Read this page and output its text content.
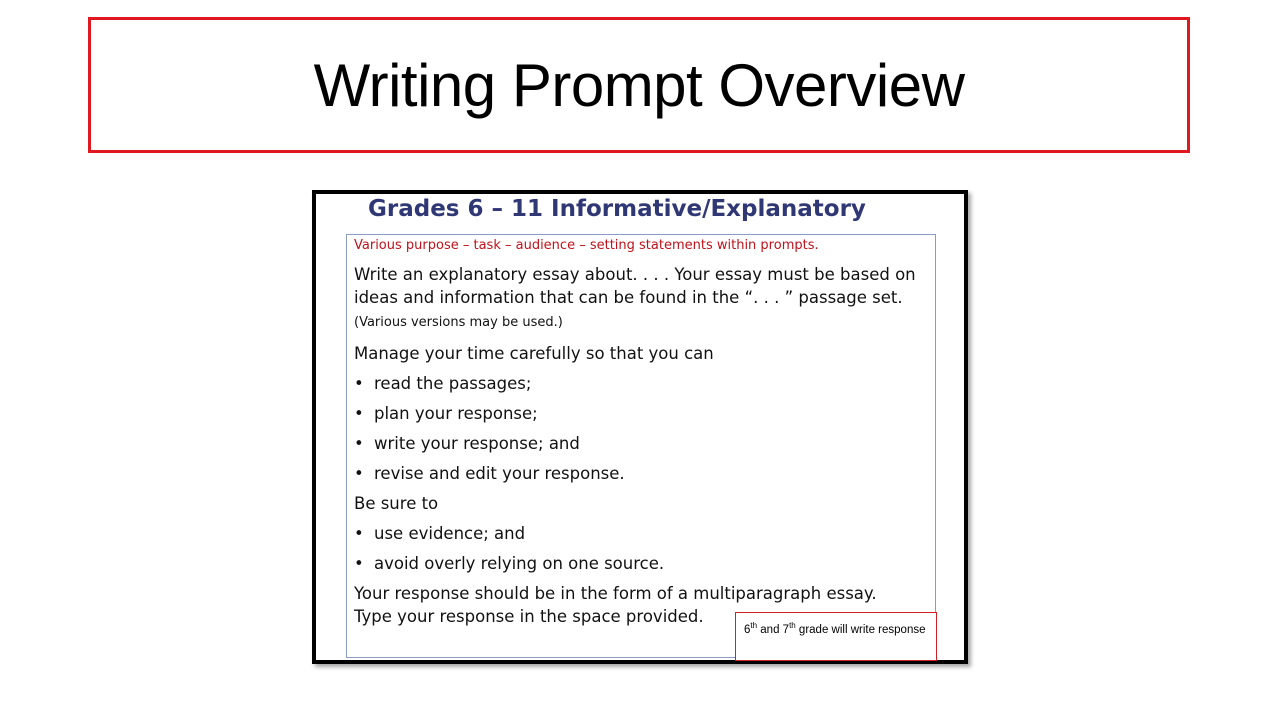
Writing Prompt Overview
Grades 6 – 11 Informative/Explanatory

Various purpose – task – audience – setting statements within prompts.

Write an explanatory essay about. . . . Your essay must be based on ideas and information that can be found in the “. . . ” passage set. (Various versions may be used.)

Manage your time carefully so that you can

• read the passages;
• plan your response;
• write your response; and
• revise and edit your response.

Be sure to

• use evidence; and
• avoid overly relying on one source.

Your response should be in the form of a multiparagraph essay.

Type your response in the space provided.

6th and 7th grade will write response
